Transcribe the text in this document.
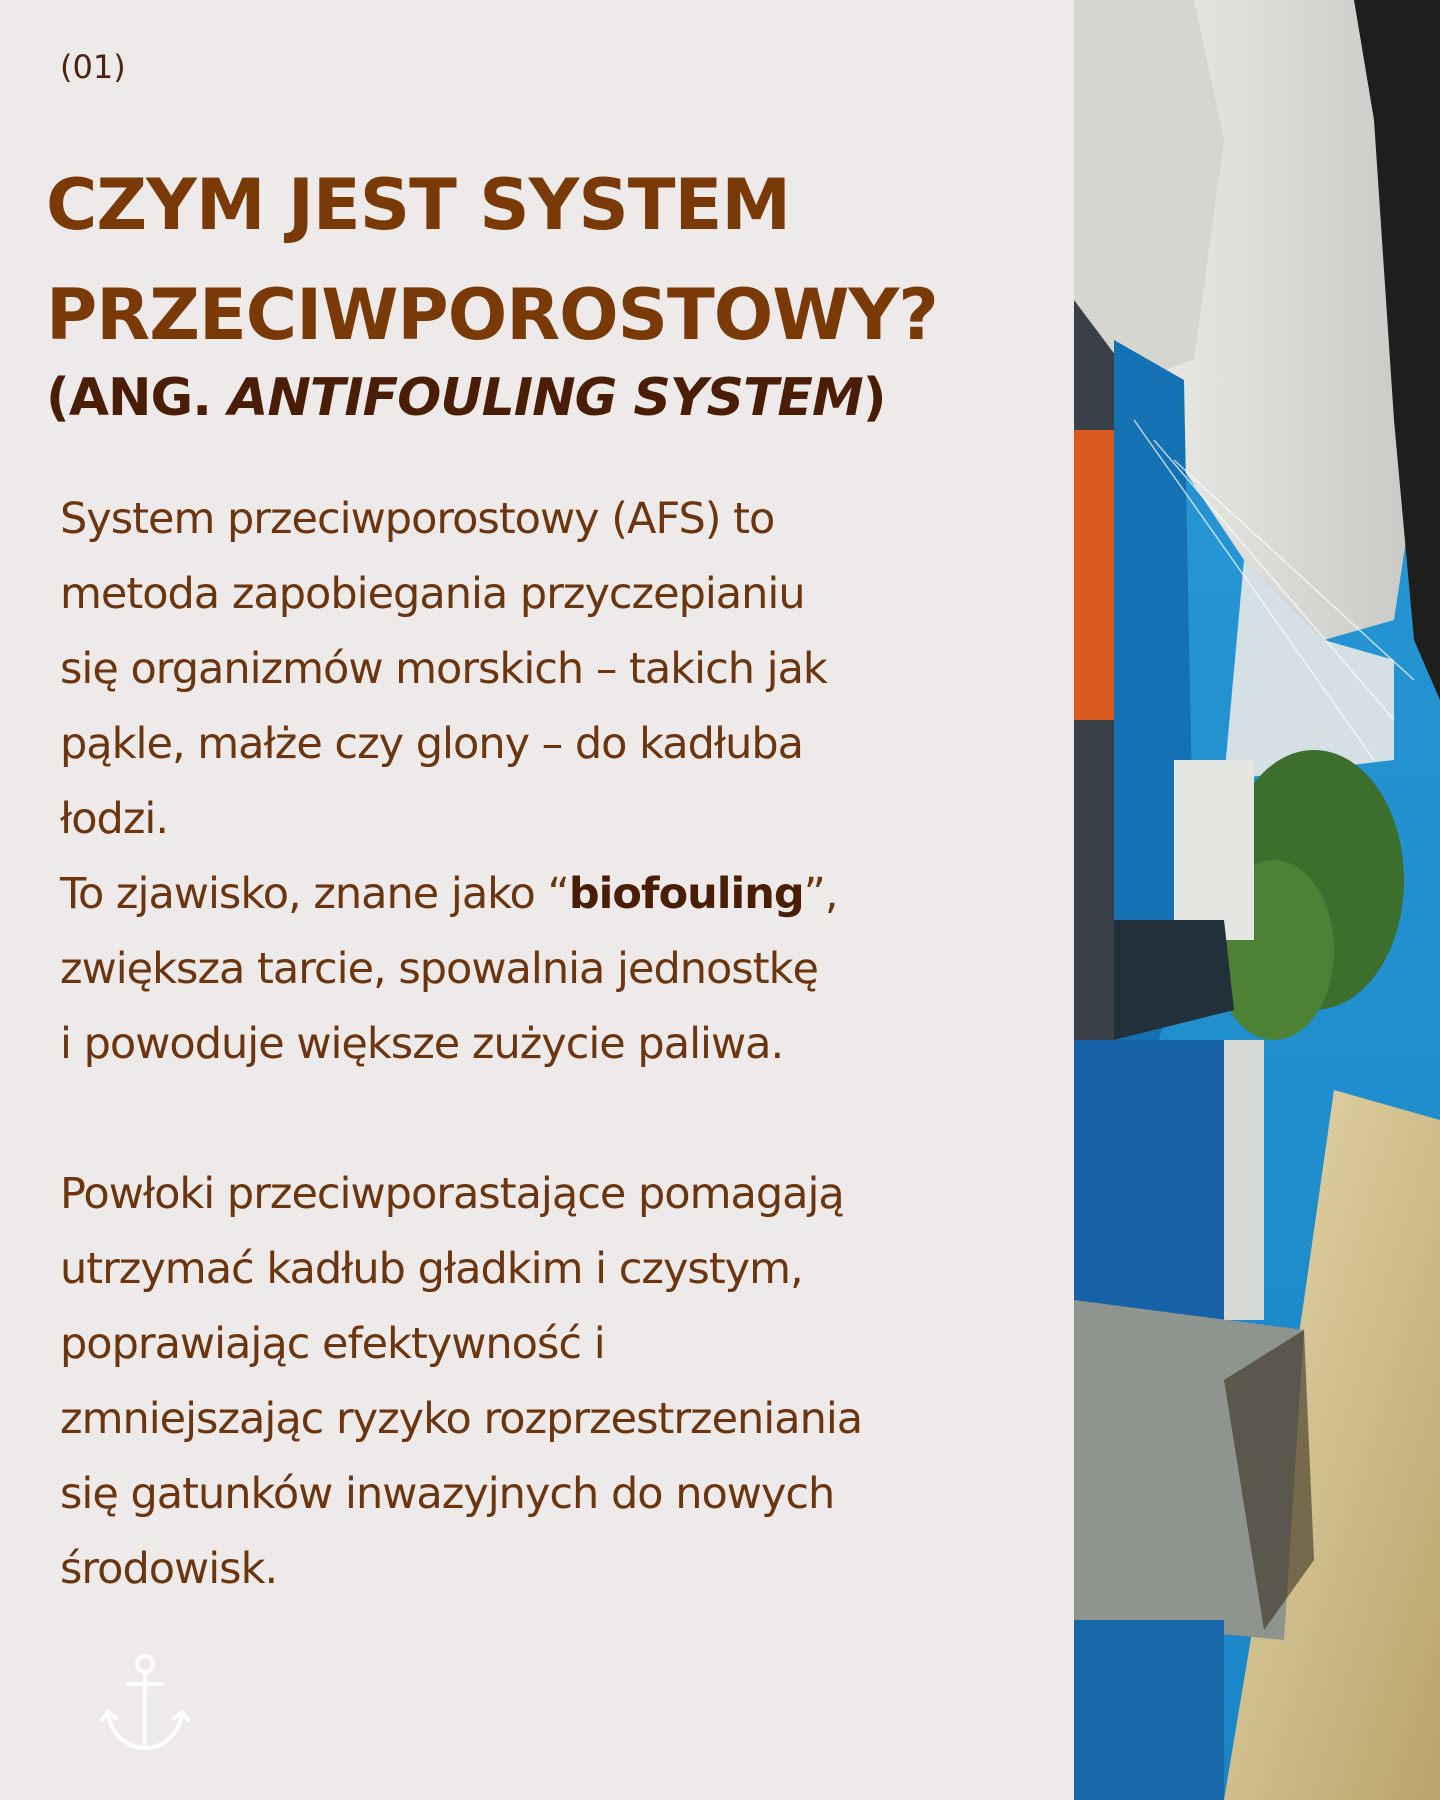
(01)
CZYM JEST SYSTEM
PRZECIWPOROSTOWY?
(ANG. ANTIFOULING SYSTEM)

System przeciwporostowy (AFS) to

metoda zapobiegania przyczepianiu

się organizmów morskich – takich jak

pąkle, małże czy glony – do kadłuba

łodzi.

To zjawisko, znane jako “biofouling”,

zwiększa tarcie, spowalnia jednostkę

i powoduje większe zużycie paliwa.

Powłoki przeciwporastające pomagają

utrzymać kadłub gładkim i czystym,

poprawiając efektywność i

zmniejszając ryzyko rozprzestrzeniania

się gatunków inwazyjnych do nowych

środowisk.
